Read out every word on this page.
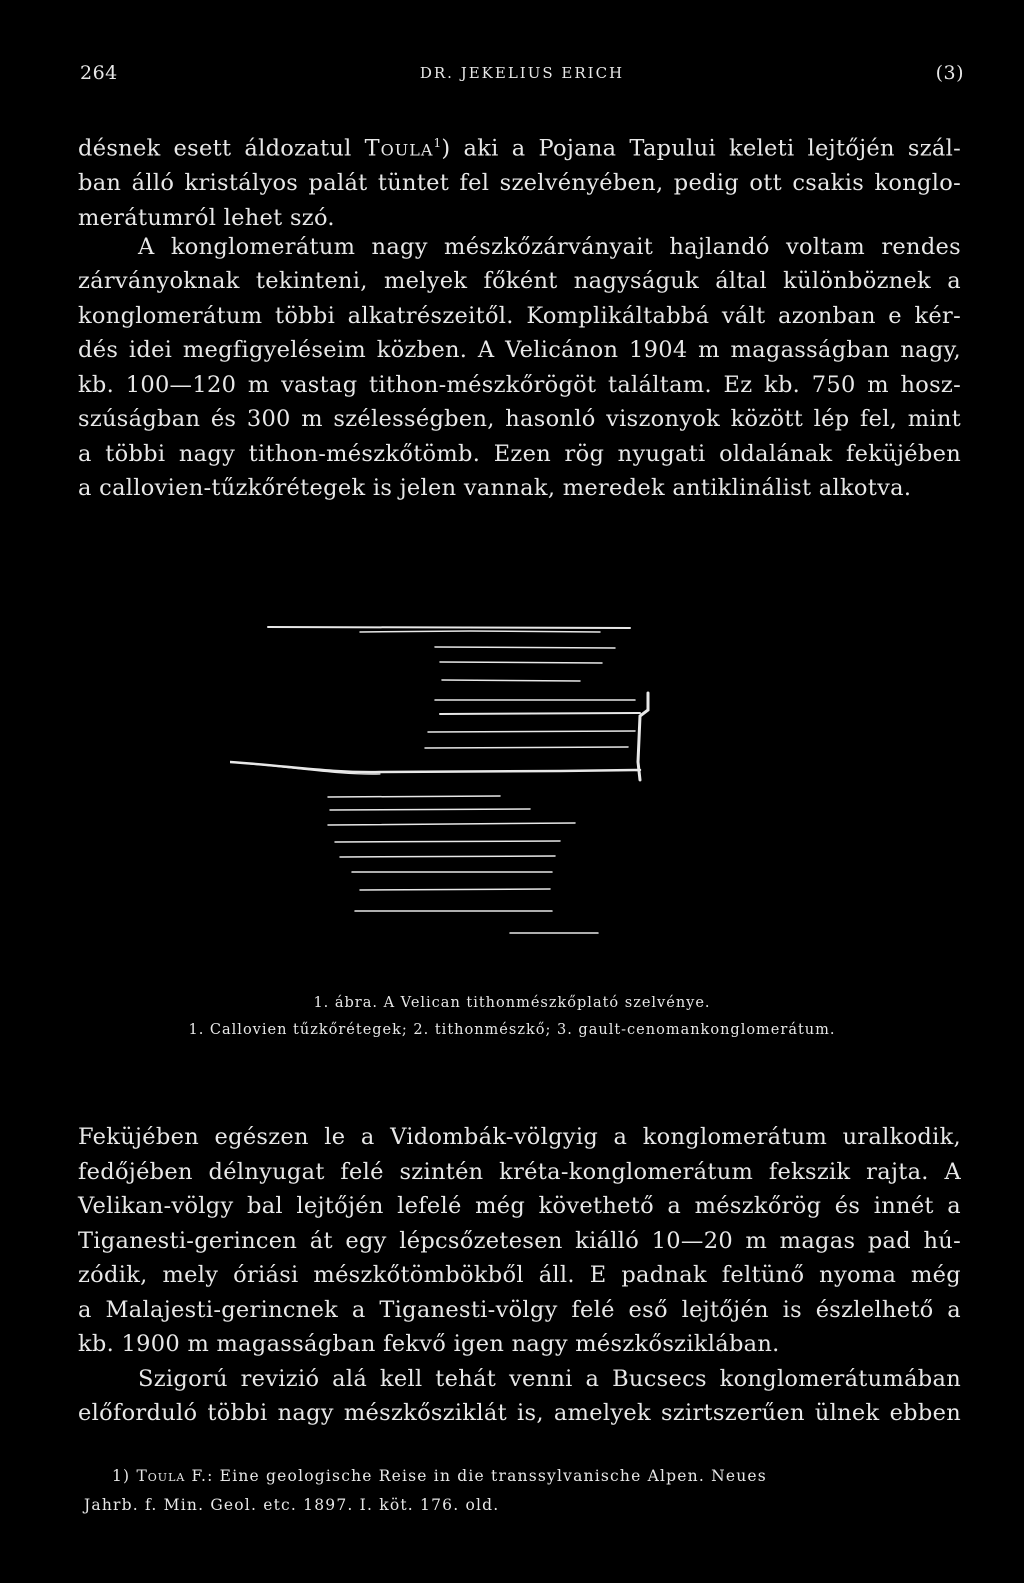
264	DR. JEKELIUS ERICH	(3)

désnek esett áldozatul Toula$^1$) aki a Pojana Tapului keleti lejtőjén szál-
ban álló kristályos palát tüntet fel szelvényében, pedig ott csakis konglo-
merátumról lehet szó.

A konglomerátum nagy mészkőzárványait hajlandó voltam rendes
zárványoknak tekinteni, melyek főként nagyságuk által különböznek a
konglomerátum többi alkatrészeitől. Komplikáltabbá vált azonban e kér-
dés idei megfigyeléseim közben. A Velicánon 1904 m magasságban nagy,
kb. 100—120 m vastag tithon-mészkőrögöt találtam. Ez kb. 750 m hosz-
szúságban és 300 m szélességben, hasonló viszonyok között lép fel, mint
a többi nagy tithon-mészkőtömb. Ezen rög nyugati oldalának feküjében
a callovien-tűzkőrétegek is jelen vannak, meredek antiklinálist alkotva.

1. ábra. A Velican tithonmészkőplató szelvénye.
1. Callovien tűzkőrétegek; 2. tithonmészkő; 3. gault-cenomankonglomerátum.

Feküjében egészen le a Vidombák-völgyig a konglomerátum uralkodik,
fedőjében délnyugat felé szintén kréta-konglomerátum fekszik rajta. A
Velikan-völgy bal lejtőjén lefelé még követhető a mészkőrög és innét a
Tiganesti-gerincen át egy lépcsőzetesen kiálló 10—20 m magas pad hú-
zódik, mely óriási mészkőtömbökből áll. E padnak feltünő nyoma még
a Malajesti-gerincnek a Tiganesti-völgy felé eső lejtőjén is észlelhető a
kb. 1900 m magasságban fekvő igen nagy mészkősziklában.

Szigorú revizió alá kell tehát venni a Bucsecs konglomerátumában
előforduló többi nagy mészkősziklát is, amelyek szirtszerűen ülnek ebben

1) Toula F.: Eine geologische Reise in die transsylvanische Alpen. Neues
Jahrb. f. Min. Geol. etc. 1897. I. köt. 176. old.
